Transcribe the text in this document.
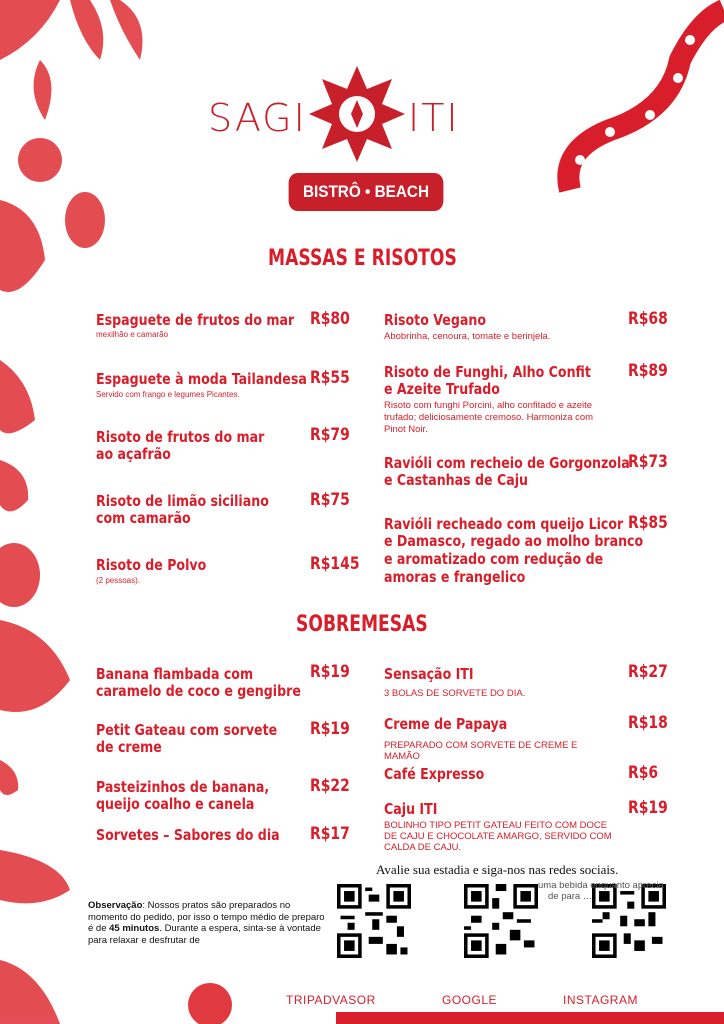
SAGI	ITI
BISTRÔ • BEACH BAR
MASSAS E RISOTOS
Espaguete de frutos do mar R$80
mexilhão e camarão
Espaguete à moda Tailandesa R$55
Servido com frango e legumes Picantes.
Risoto de frutos do mar
ao açafrão
R$79
Risoto de limão siciliano
com camarão
R$75
Risoto de Polvo	R$145
(2 pessoas).
Risoto Vegano	R$68
Abobrinha, cenoura, tomate e berinjela.
Risoto de Funghi, Alho Confit
e Azeite Trufado
R$89
Risoto com funghi Porcini, alho confitado e azeite
trufado; deliciosamente cremoso. Harmoniza com
Pinot Noir.
Ravióli com recheio de Gorgonzola
e Castanhas de Caju
R$73
Ravióli recheado com queijo Licor
e Damasco, regado ao molho branco
e aromatizado com redução de
amoras e frangelico
R$85
SOBREMESAS
Banana flambada com
caramelo de coco e gengibre
R$19
Petit Gateau com sorvete
de creme
R$19
Pasteizinhos de banana,
queijo coalho e canela
R$22
Sorvetes – Sabores do dia R$17
Sensação ITI	R$27
3 BOLAS DE SORVETE DO DIA.
Creme de Papaya	R$18
PREPARADO COM SORVETE DE CREME E
MAMÃO
Café Expresso	R$6
Caju ITI	R$19
BOLINHO TIPO PETIT GATEAU FEITO COM DOCE
DE CAJU E CHOCOLATE AMARGO, SERVIDO COM
CALDA DE CAJU.
Avalie sua estadia e siga-nos nas redes sociais.
Observação: Nossos pratos são preparados no momento do pedido, por isso o tempo médio de preparo é de 45 minutos. Durante a espera, sinta-se à vontade para relaxar e desfrutar de
uma bebida enquanto aprecia
de para …
TRIPADVASOR	GOOGLE	INSTAGRAM
